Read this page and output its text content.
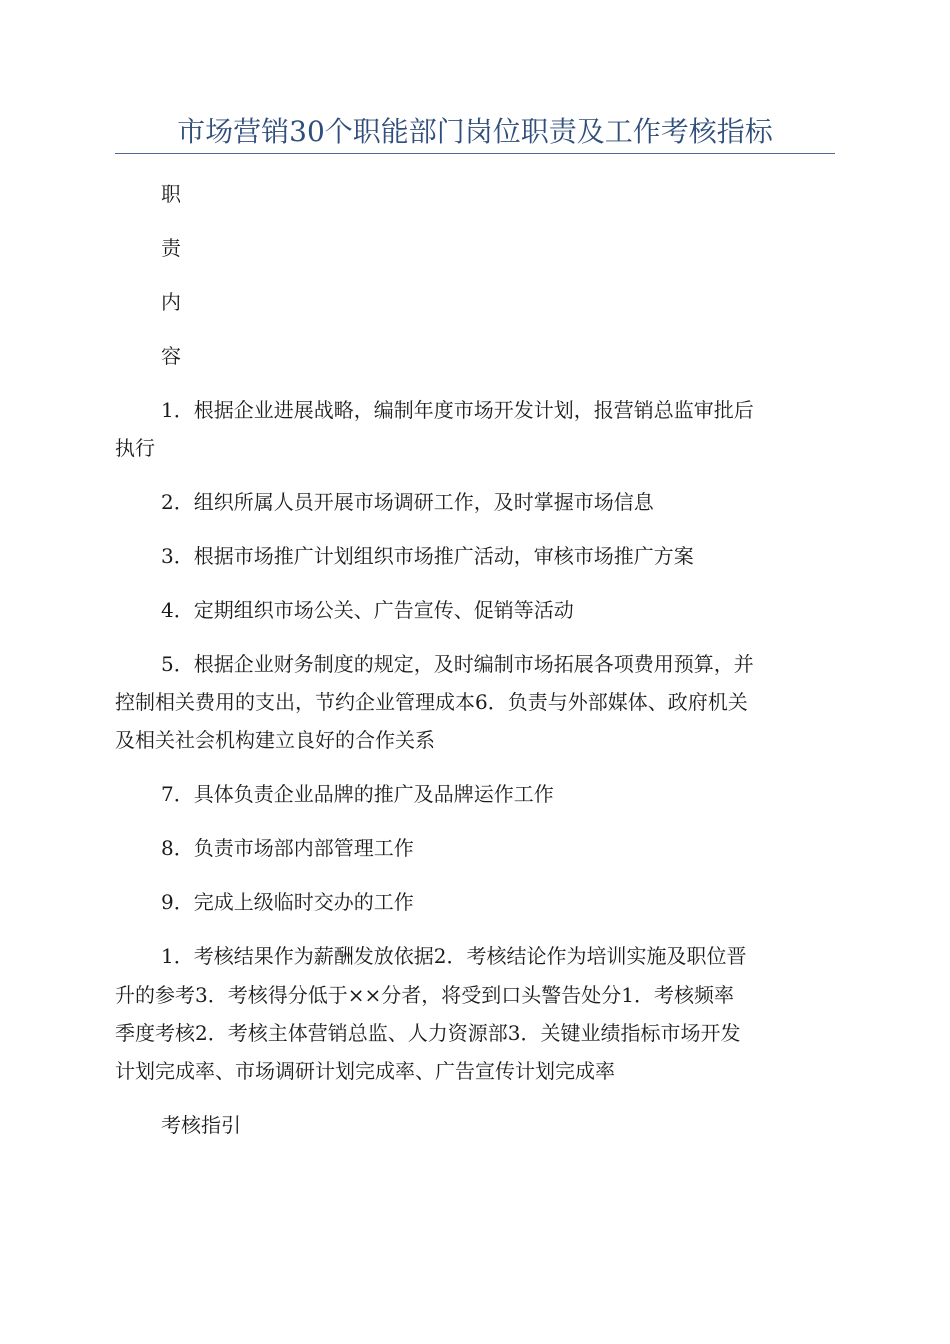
市场营销30个职能部门岗位职责及工作考核指标
职
责
内
容
1．根据企业进展战略，编制年度市场开发计划，报营销总监审批后
执行
2．组织所属人员开展市场调研工作，及时掌握市场信息
3．根据市场推广计划组织市场推广活动，审核市场推广方案
4．定期组织市场公关、广告宣传、促销等活动
5．根据企业财务制度的规定，及时编制市场拓展各项费用预算，并
控制相关费用的支出，节约企业管理成本6．负责与外部媒体、政府机关
及相关社会机构建立良好的合作关系
7．具体负责企业品牌的推广及品牌运作工作
8．负责市场部内部管理工作
9．完成上级临时交办的工作
1．考核结果作为薪酬发放依据2．考核结论作为培训实施及职位晋
升的参考3．考核得分低于××分者，将受到口头警告处分1．考核频率
季度考核2．考核主体营销总监、人力资源部3．关键业绩指标市场开发
计划完成率、市场调研计划完成率、广告宣传计划完成率
考核指引
